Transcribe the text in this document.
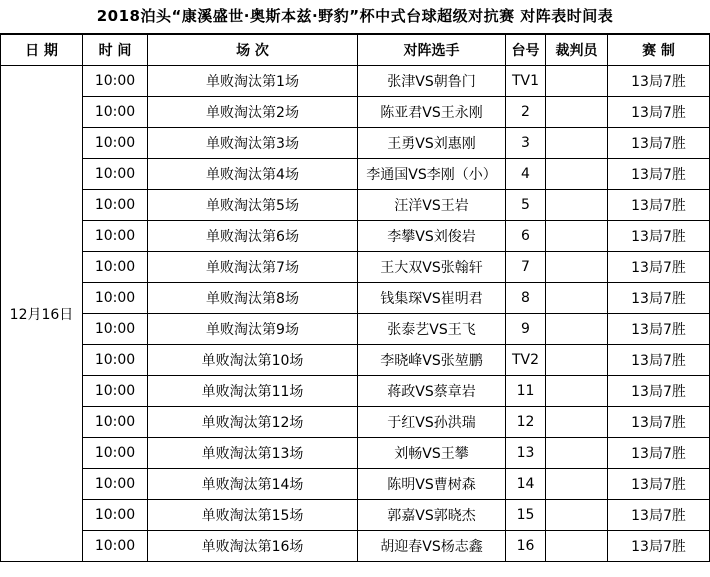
2018泊头“康溪盛世·奥斯本兹·野豹”杯中式台球超级对抗赛 对阵表时间表
日 期	时 间	场 次	对阵选手	台号	裁判员	赛 制
12月16日	10:00	单败淘汰第1场	张津VS朝鲁门	TV1		13局7胜
	10:00	单败淘汰第2场	陈亚君VS王永刚	2		13局7胜
	10:00	单败淘汰第3场	王勇VS刘惠刚	3		13局7胜
	10:00	单败淘汰第4场	李通国VS李刚（小）	4		13局7胜
	10:00	单败淘汰第5场	汪洋VS王岩	5		13局7胜
	10:00	单败淘汰第6场	李攀VS刘俊岩	6		13局7胜
	10:00	单败淘汰第7场	王大双VS张翰轩	7		13局7胜
	10:00	单败淘汰第8场	钱集琛VS崔明君	8		13局7胜
	10:00	单败淘汰第9场	张泰艺VS王飞	9		13局7胜
	10:00	单败淘汰第10场	李晓峰VS张堃鹏	TV2		13局7胜
	10:00	单败淘汰第11场	蒋政VS蔡章岩	11		13局7胜
	10:00	单败淘汰第12场	于红VS孙洪瑞	12		13局7胜
	10:00	单败淘汰第13场	刘畅VS王攀	13		13局7胜
	10:00	单败淘汰第14场	陈明VS曹树森	14		13局7胜
	10:00	单败淘汰第15场	郭嘉VS郭晓杰	15		13局7胜
	10:00	单败淘汰第16场	胡迎春VS杨志鑫	16		13局7胜
